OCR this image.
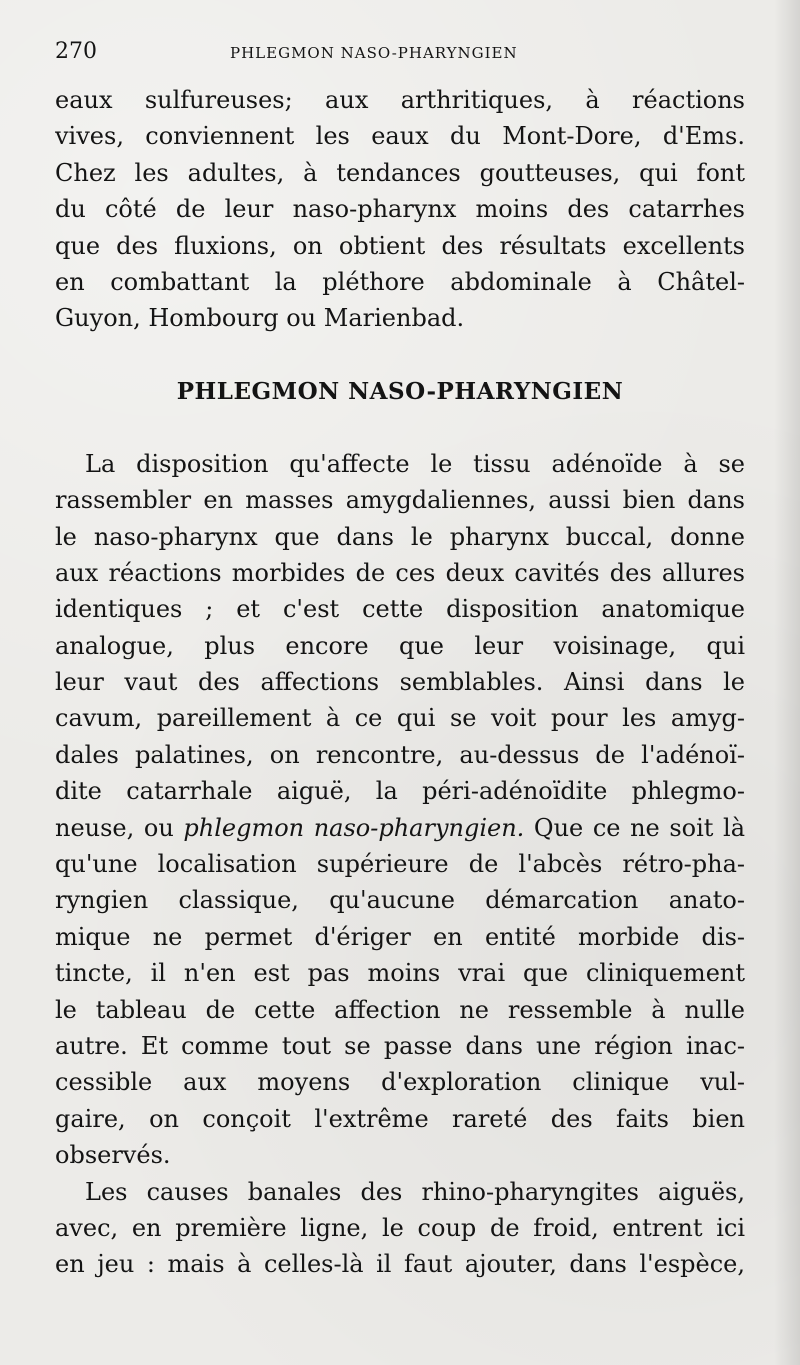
270	PHLEGMON NASO-PHARYNGIEN
eaux sulfureuses; aux arthritiques, à réactions
vives, conviennent les eaux du Mont-Dore, d'Ems.
Chez les adultes, à tendances goutteuses, qui font
du côté de leur naso-pharynx moins des catarrhes
que des fluxions, on obtient des résultats excellents
en combattant la pléthore abdominale à Châtel-
Guyon, Hombourg ou Marienbad.
PHLEGMON NASO-PHARYNGIEN
La disposition qu'affecte le tissu adénoïde à se
rassembler en masses amygdaliennes, aussi bien dans
le naso-pharynx que dans le pharynx buccal, donne
aux réactions morbides de ces deux cavités des allures
identiques ; et c'est cette disposition anatomique
analogue, plus encore que leur voisinage, qui
leur vaut des affections semblables. Ainsi dans le
cavum, pareillement à ce qui se voit pour les amyg-
dales palatines, on rencontre, au-dessus de l'adénoï-
dite catarrhale aiguë, la péri-adénoïdite phlegmo-
neuse, ou phlegmon naso-pharyngien. Que ce ne soit là
qu'une localisation supérieure de l'abcès rétro-pha-
ryngien classique, qu'aucune démarcation anato-
mique ne permet d'ériger en entité morbide dis-
tincte, il n'en est pas moins vrai que cliniquement
le tableau de cette affection ne ressemble à nulle
autre. Et comme tout se passe dans une région inac-
cessible aux moyens d'exploration clinique vul-
gaire, on conçoit l'extrême rareté des faits bien
observés.
Les causes banales des rhino-pharyngites aiguës,
avec, en première ligne, le coup de froid, entrent ici
en jeu : mais à celles-là il faut ajouter, dans l'espèce,
